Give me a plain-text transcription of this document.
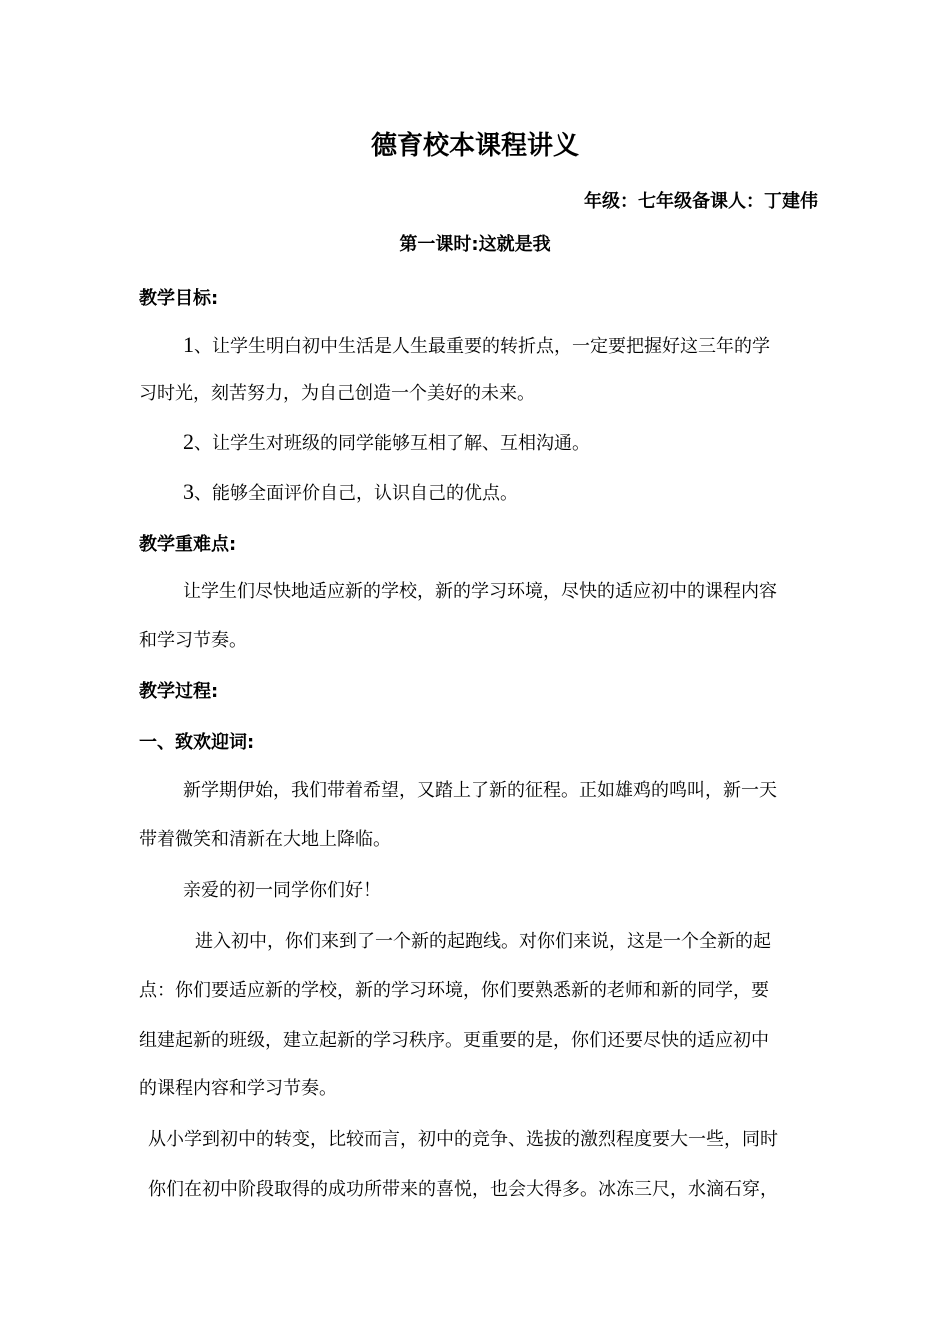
德育校本课程讲义
年级：七年级备课人：丁建伟
第一课时:这就是我
教学目标:
1、让学生明白初中生活是人生最重要的转折点，一定要把握好这三年的学
习时光，刻苦努力，为自己创造一个美好的未来。
2、让学生对班级的同学能够互相了解、互相沟通。
3、能够全面评价自己，认识自己的优点。
教学重难点:
让学生们尽快地适应新的学校，新的学习环境，尽快的适应初中的课程内容
和学习节奏。
教学过程:
一、致欢迎词:
新学期伊始，我们带着希望，又踏上了新的征程。正如雄鸡的鸣叫，新一天
带着微笑和清新在大地上降临。
亲爱的初一同学你们好！
进入初中，你们来到了一个新的起跑线。对你们来说，这是一个全新的起
点：你们要适应新的学校，新的学习环境，你们要熟悉新的老师和新的同学，要
组建起新的班级，建立起新的学习秩序。更重要的是，你们还要尽快的适应初中
的课程内容和学习节奏。
从小学到初中的转变，比较而言，初中的竞争、选拔的激烈程度要大一些，同时
你们在初中阶段取得的成功所带来的喜悦，也会大得多。冰冻三尺，水滴石穿，
